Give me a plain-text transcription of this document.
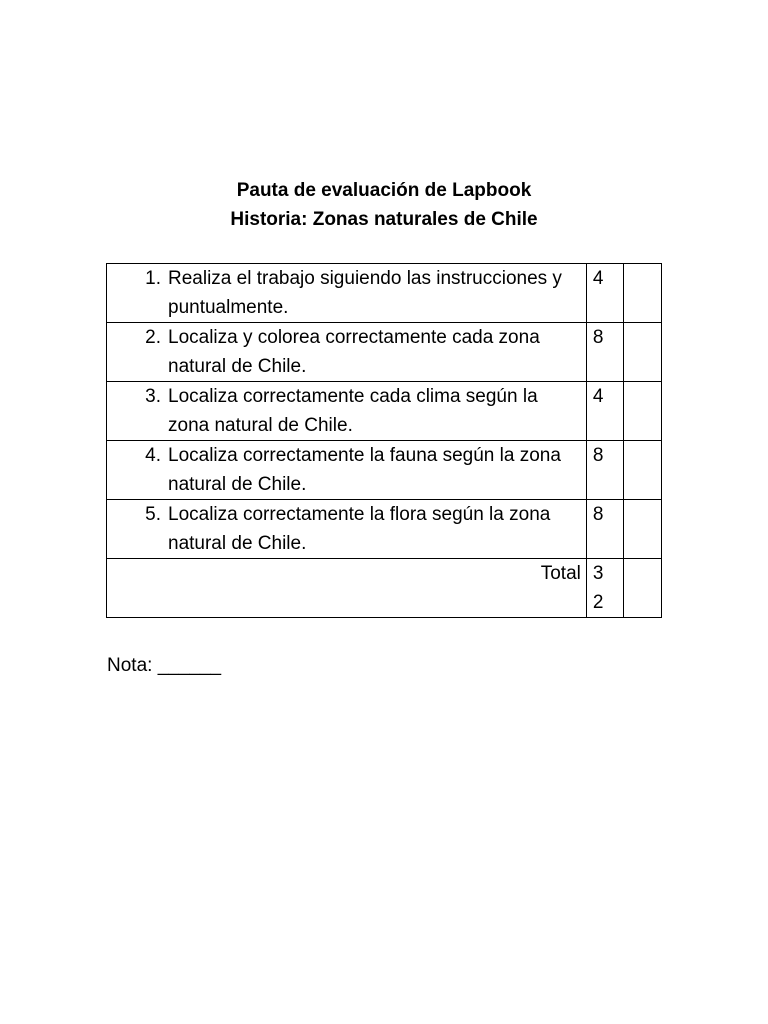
Pauta de evaluación de Lapbook
Historia: Zonas naturales de Chile
1. Realiza el trabajo siguiendo las instrucciones y puntualmente.	4	

2. Localiza y colorea correctamente cada zona natural de Chile.	8	

3. Localiza correctamente cada clima según la zona natural de Chile.	4	

4. Localiza correctamente la fauna según la zona natural de Chile.	8	

5. Localiza correctamente la flora según la zona natural de Chile.	8	
Total	32	

Nota: ______
